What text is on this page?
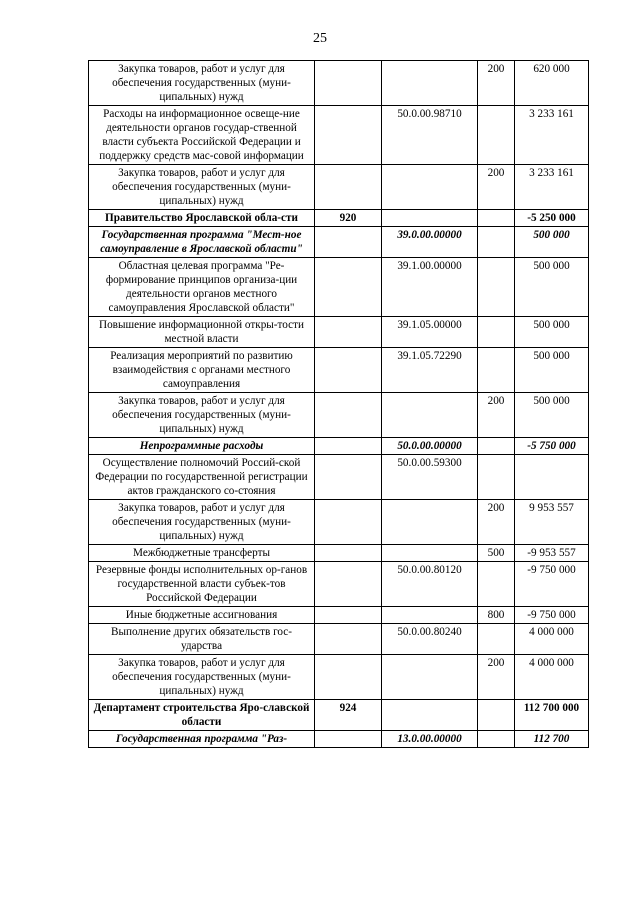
25
Закупка товаров, работ и услуг для обеспечения государственных (муни-ципальных) нужд			200	620 000
Расходы на информационное освеще-ние деятельности органов государ-ственной власти субъекта Российской Федерации и поддержку средств мас-совой информации		50.0.00.98710		3 233 161
Закупка товаров, работ и услуг для обеспечения государственных (муни-ципальных) нужд			200	3 233 161
Правительство Ярославской обла-сти	920			-5 250 000
Государственная программа "Мест-ное самоуправление в Ярославской области"		39.0.00.00000		500 000
Областная целевая программа "Ре-формирование принципов организа-ции деятельности органов местного самоуправления Ярославской области"		39.1.00.00000		500 000
Повышение информационной откры-тости местной власти		39.1.05.00000		500 000
Реализация мероприятий по развитию взаимодействия с органами местного самоуправления		39.1.05.72290		500 000
Закупка товаров, работ и услуг для обеспечения государственных (муни-ципальных) нужд			200	500 000
Непрограммные расходы		50.0.00.00000		-5 750 000
Осуществление полномочий Россий-ской Федерации по государственной регистрации актов гражданского со-стояния		50.0.00.59300		
Закупка товаров, работ и услуг для обеспечения государственных (муни-ципальных) нужд			200	9 953 557
Межбюджетные трансферты			500	-9 953 557
Резервные фонды исполнительных ор-ганов государственной власти субъек-тов Российской Федерации		50.0.00.80120		-9 750 000
Иные бюджетные ассигнования			800	-9 750 000
Выполнение других обязательств гос-ударства		50.0.00.80240		4 000 000
Закупка товаров, работ и услуг для обеспечения государственных (муни-ципальных) нужд			200	4 000 000
Департамент строительства Яро-славской области	924			112 700 000
Государственная программа "Раз-		13.0.00.00000		112 700
